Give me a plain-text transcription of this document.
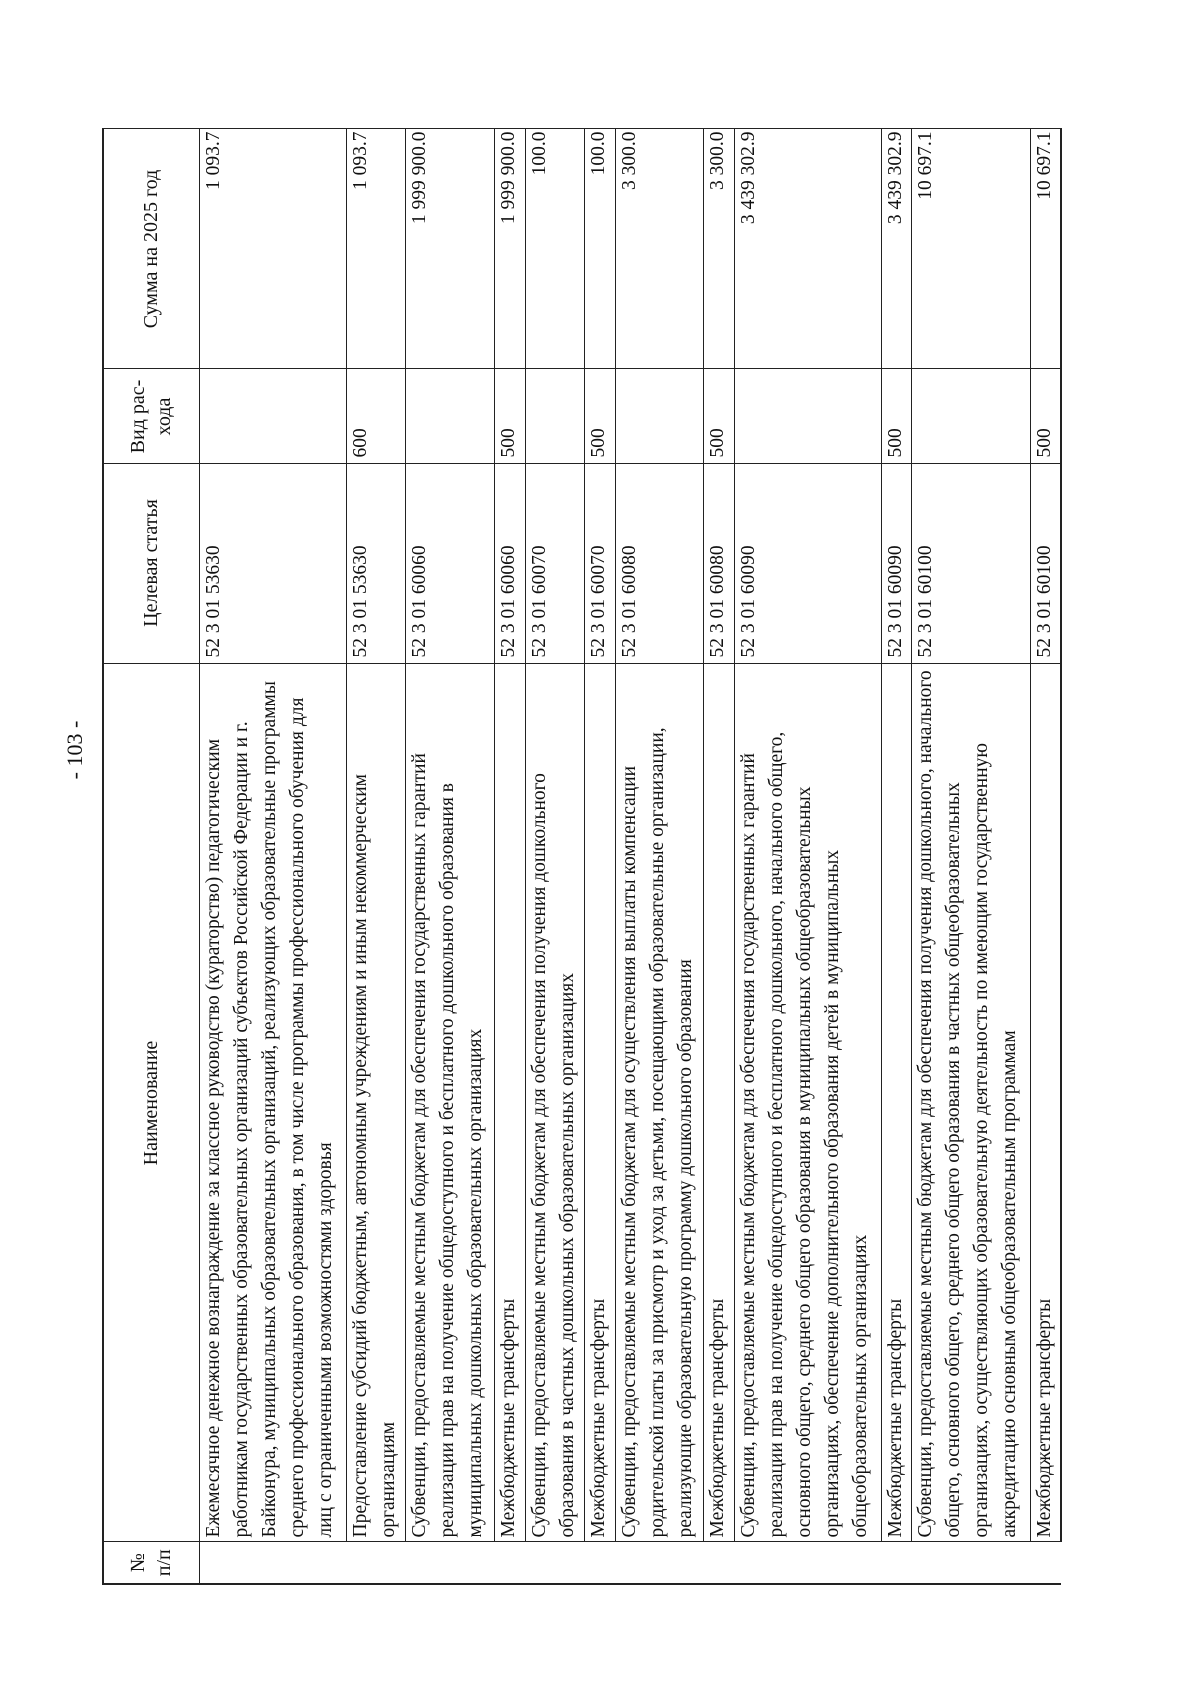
- 103 -
№ п/п	Наименование	Целевая статья	Вид рас-хода	Сумма на 2025 год
	Ежемесячное денежное вознаграждение за классное руководство (кураторство) педагогическим работникам государственных образовательных организаций субъектов Российской Федерации и г. Байконура, муниципальных образовательных организаций, реализующих образовательные программы среднего профессионального образования, в том числе программы профессионального обучения для лиц с ограниченными возможностями здоровья	52 3 01 53630		1 093.7
	Предоставление субсидий бюджетным, автономным учреждениям и иным некоммерческим организациям	52 3 01 53630	600	1 093.7
	Субвенции, предоставляемые местным бюджетам для обеспечения государственных гарантий реализации прав на получение общедоступного и бесплатного дошкольного образования в муниципальных дошкольных образовательных организациях	52 3 01 60060		1 999 900.0
	Межбюджетные трансферты	52 3 01 60060	500	1 999 900.0
	Субвенции, предоставляемые местным бюджетам для обеспечения получения дошкольного образования в частных дошкольных образовательных организациях	52 3 01 60070		100.0
	Межбюджетные трансферты	52 3 01 60070	500	100.0
	Субвенции, предоставляемые местным бюджетам для осуществления выплаты компенсации родительской платы за присмотр и уход за детьми, посещающими образовательные организации, реализующие образовательную программу дошкольного образования	52 3 01 60080		3 300.0
	Межбюджетные трансферты	52 3 01 60080	500	3 300.0
	Субвенции, предоставляемые местным бюджетам для обеспечения государственных гарантий реализации прав на получение общедоступного и бесплатного дошкольного, начального общего, основного общего, среднего общего образования в муниципальных общеобразовательных организациях, обеспечение дополнительного образования детей в муниципальных общеобразовательных организациях	52 3 01 60090		3 439 302.9
	Межбюджетные трансферты	52 3 01 60090	500	3 439 302.9
	Субвенции, предоставляемые местным бюджетам для обеспечения получения дошкольного, начального общего, основного общего, среднего общего образования в частных общеобразовательных организациях, осуществляющих образовательную деятельность по имеющим государственную аккредитацию основным общеобразовательным программам	52 3 01 60100		10 697.1
	Межбюджетные трансферты	52 3 01 60100	500	10 697.1
